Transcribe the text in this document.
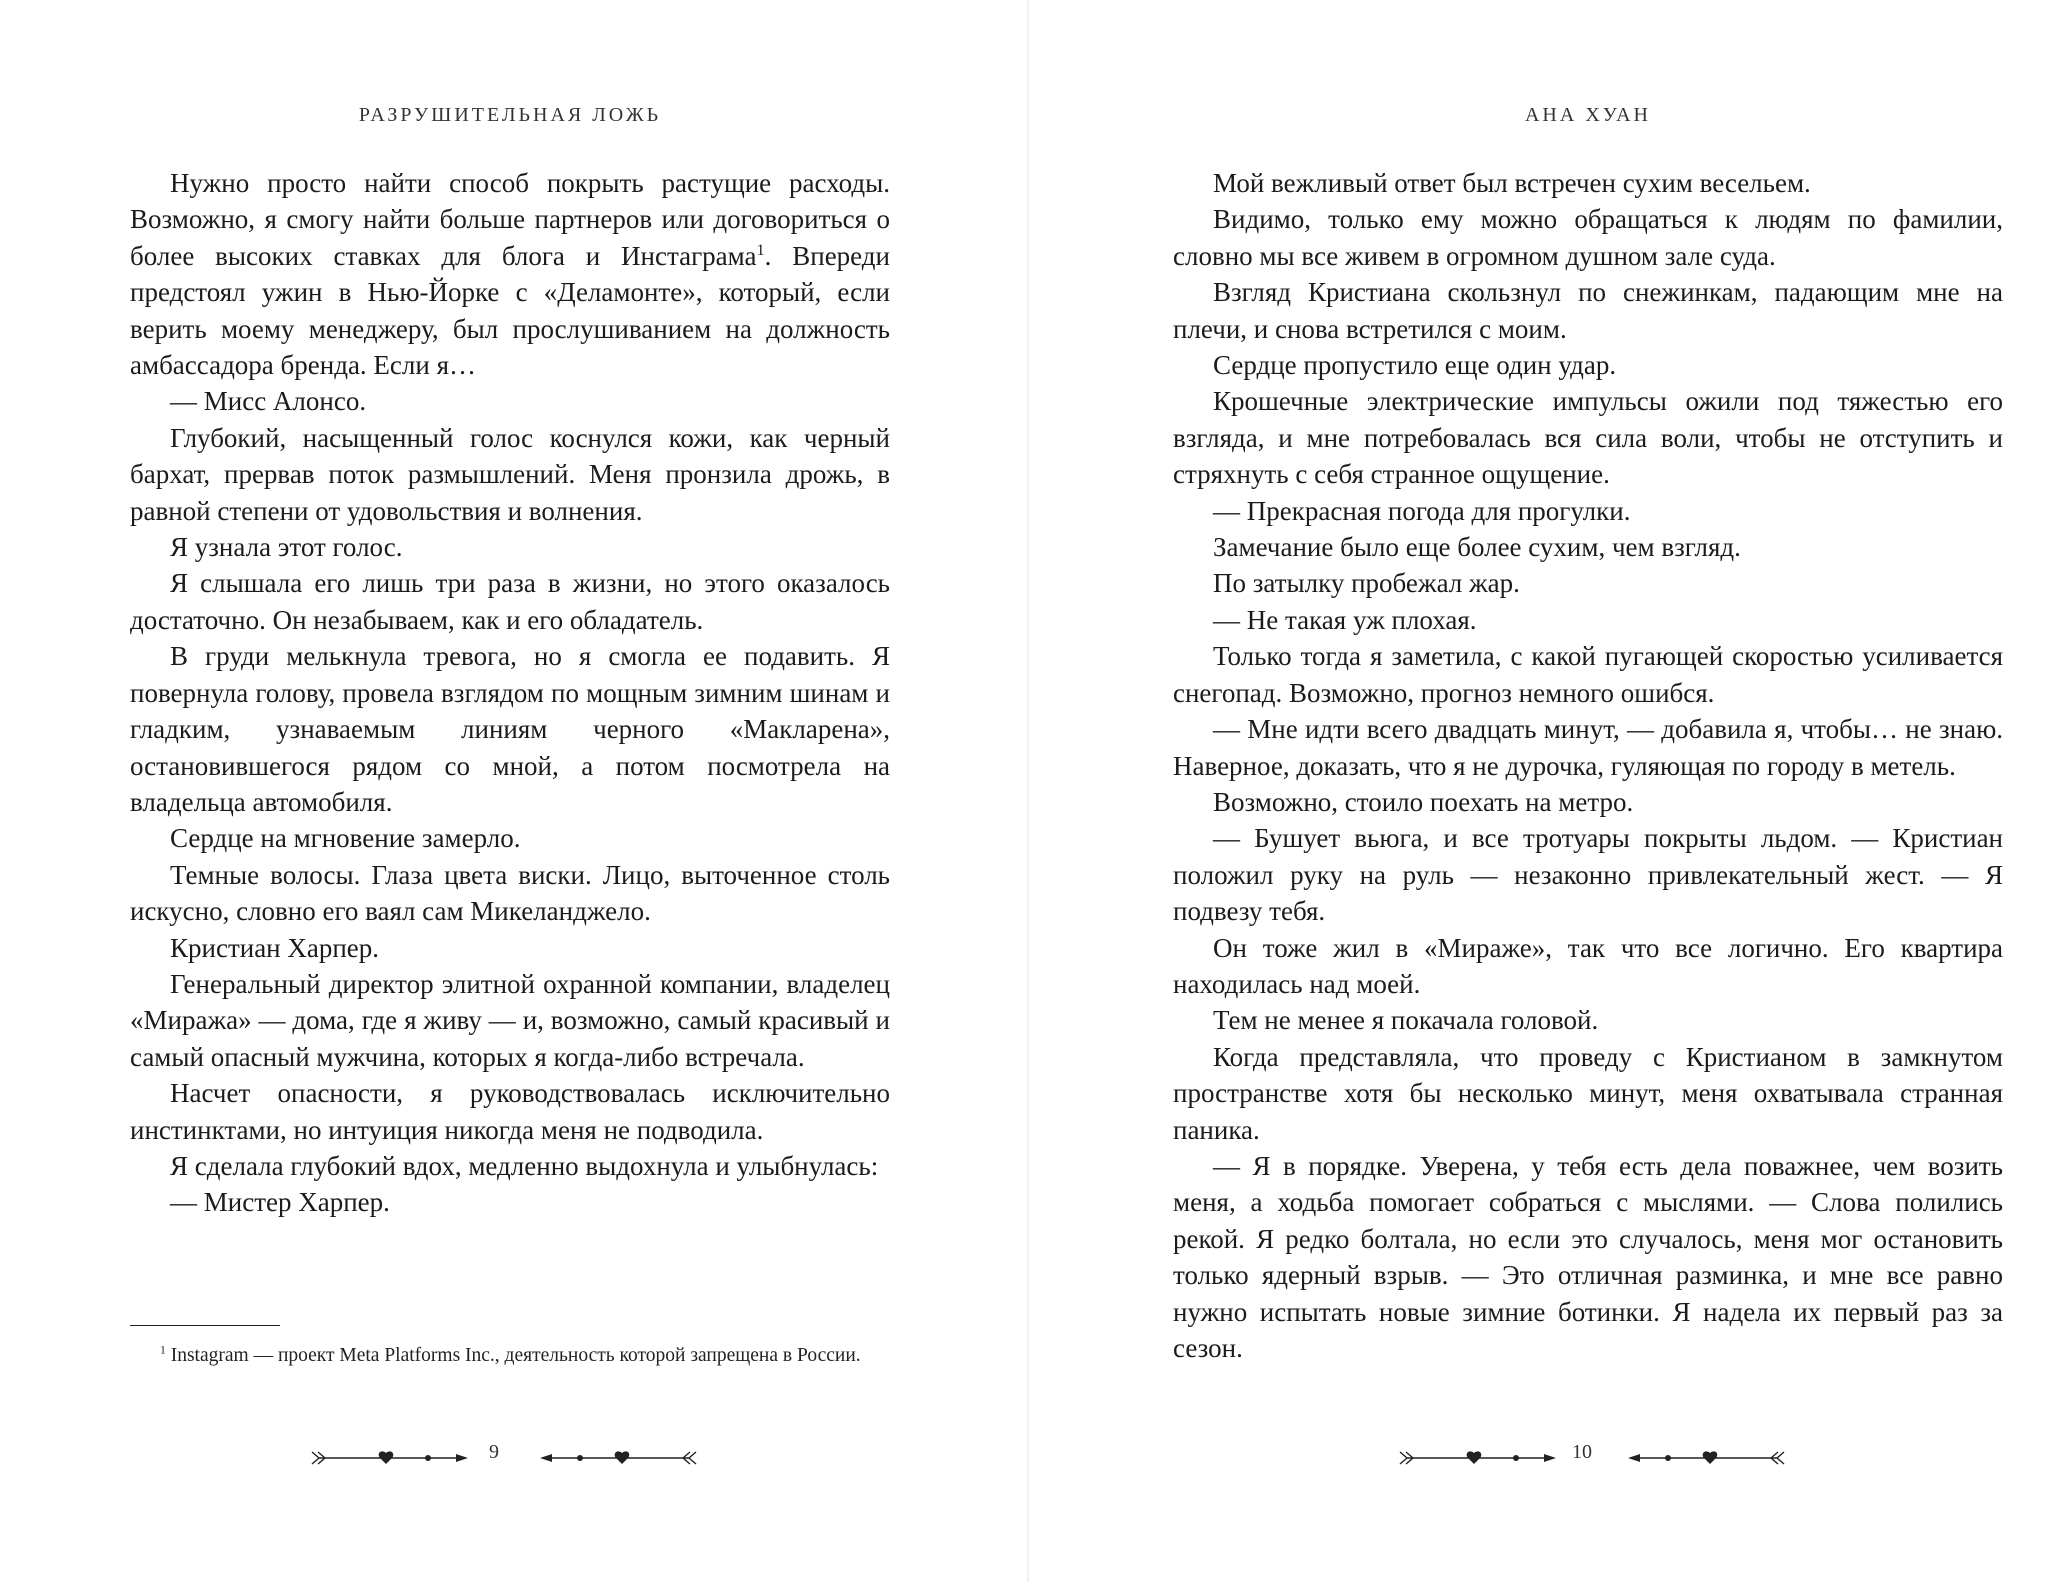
РАЗРУШИТЕЛЬНАЯ ЛОЖЬ

Нужно просто найти способ покрыть растущие расходы. Возможно, я смогу найти больше партнеров или договориться о более высоких ставках для блога и Инстаграма$^1$. Впереди предстоял ужин в Нью-Йорке с «Деламонте», который, если верить моему менеджеру, был прослушиванием на должность амбассадора бренда. Если я…

— Мисс Алонсо.

Глубокий, насыщенный голос коснулся кожи, как черный бархат, прервав поток размышлений. Меня пронзила дрожь, в равной степени от удовольствия и волнения.

Я узнала этот голос.

Я слышала его лишь три раза в жизни, но этого оказалось достаточно. Он незабываем, как и его обладатель.

В груди мелькнула тревога, но я смогла ее подавить. Я повернула голову, провела взглядом по мощным зимним шинам и гладким, узнаваемым линиям черного «Макларена», остановившегося рядом со мной, а потом посмотрела на владельца автомобиля.

Сердце на мгновение замерло.

Темные волосы. Глаза цвета виски. Лицо, выточенное столь искусно, словно его ваял сам Микеланджело.

Кристиан Харпер.

Генеральный директор элитной охранной компании, владелец «Миража» — дома, где я живу — и, возможно, самый красивый и самый опасный мужчина, которых я когда-либо встречала.

Насчет опасности, я руководствовалась исключительно инстинктами, но интуиция никогда меня не подводила.

Я сделала глубокий вдох, медленно выдохнула и улыбнулась:

— Мистер Харпер.

$^1$ Instagram — проект Meta Platforms Inc., деятельность которой запрещена в России.

9
АНА ХУАН

Мой вежливый ответ был встречен сухим весельем.

Видимо, только ему можно обращаться к людям по фамилии, словно мы все живем в огромном душном зале суда.

Взгляд Кристиана скользнул по снежинкам, падающим мне на плечи, и снова встретился с моим.

Сердце пропустило еще один удар.

Крошечные электрические импульсы ожили под тяжестью его взгляда, и мне потребовалась вся сила воли, чтобы не отступить и стряхнуть с себя странное ощущение.

— Прекрасная погода для прогулки.

Замечание было еще более сухим, чем взгляд.

По затылку пробежал жар.

— Не такая уж плохая.

Только тогда я заметила, с какой пугающей скоростью усиливается снегопад. Возможно, прогноз немного ошибся.

— Мне идти всего двадцать минут, — добавила я, чтобы… не знаю. Наверное, доказать, что я не дурочка, гуляющая по городу в метель.

Возможно, стоило поехать на метро.

— Бушует вьюга, и все тротуары покрыты льдом. — Кристиан положил руку на руль — незаконно привлекательный жест. — Я подвезу тебя.

Он тоже жил в «Мираже», так что все логично. Его квартира находилась над моей.

Тем не менее я покачала головой.

Когда представляла, что проведу с Кристианом в замкнутом пространстве хотя бы несколько минут, меня охватывала странная паника.

— Я в порядке. Уверена, у тебя есть дела поважнее, чем возить меня, а ходьба помогает собраться с мыслями. — Слова полились рекой. Я редко болтала, но если это случалось, меня мог остановить только ядерный взрыв. — Это отличная разминка, и мне все равно нужно испытать новые зимние ботинки. Я надела их первый раз за сезон.

10
